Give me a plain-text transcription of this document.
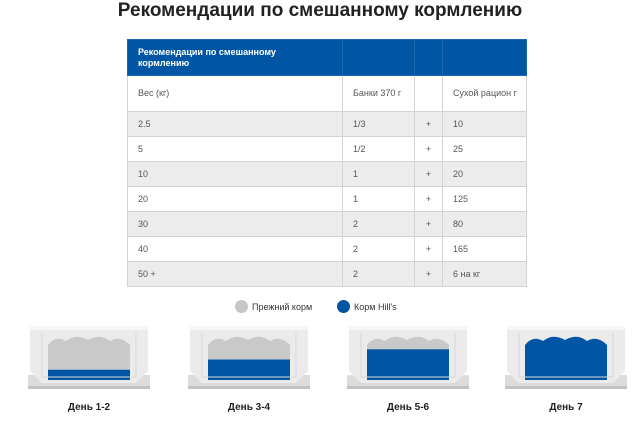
Рекомендации по смешанному кормлению
Рекомендации по смешанному кормлению			

Вес (кг)	Банки 370 г		Сухой рацион г
2.5	1/3	+	10
5	1/2	+	25
10	1	+	20
20	1	+	125
30	2	+	80
40	2	+	165
50 +	2	+	6 на кг
Прежний корм	Корм Hill's
День 1-2	День 3-4	День 5-6	День 7
